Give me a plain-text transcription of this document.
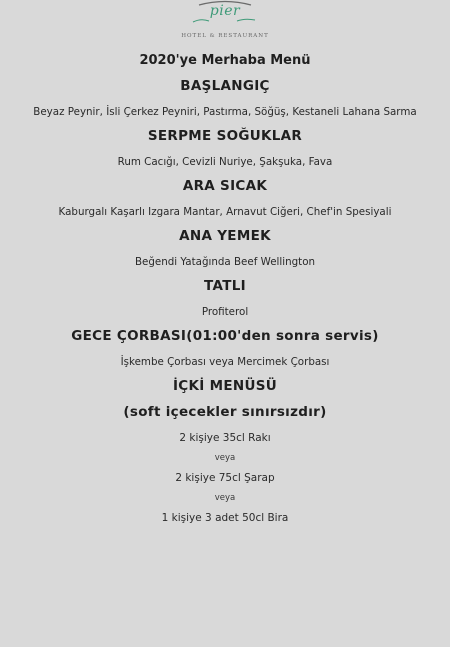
pier
HOTEL & RESTAURANT
2020'ye Merhaba Menü
BAŞLANGIÇ
Beyaz Peynir, İsli Çerkez Peyniri, Pastırma, Söğüş, Kestaneli Lahana Sarma
SERPME SOĞUKLAR
Rum Cacığı, Cevizli Nuriye, Şakşuka, Fava
ARA SICAK
Kaburgalı Kaşarlı Izgara Mantar, Arnavut Ciğeri, Chef'in Spesiyali
ANA YEMEK
Beğendi Yatağında Beef Wellington
TATLI
Profiterol
GECE ÇORBASI(01:00'den sonra servis)
İşkembe Çorbası veya Mercimek Çorbası
İÇKİ MENÜSÜ
(soft içecekler sınırsızdır)
2 kişiye 35cl Rakı
veya
2 kişiye 75cl Şarap
veya
1 kişiye 3 adet 50cl Bira
